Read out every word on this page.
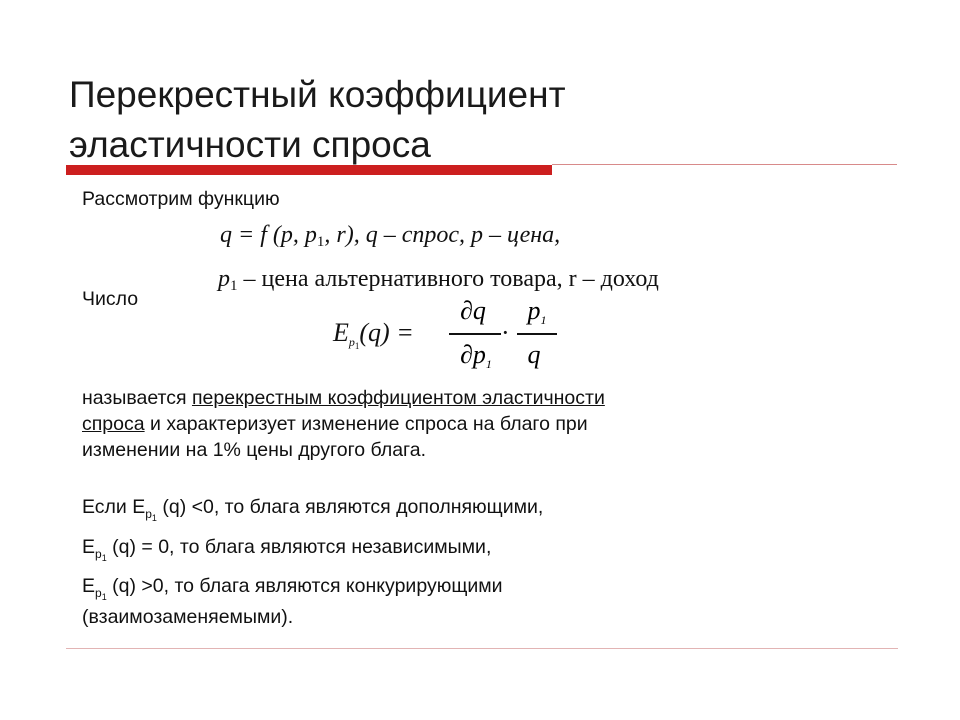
Перекрестный коэффициент
эластичности спроса
Рассмотрим функцию
q = f (p, $p_1$, r), q – спрос, p – цена,
$p_1$ – цена альтернативного товара, r – доход
Число
$Ep_1(q)$ =
∂q
∂p1
·
p1
q
называется перекрестным коэффициентом эластичности
спроса и характеризует изменение спроса на благо при
изменении на 1% цены другого блага.
Если $E_{p_1}$ (q) <0, то блага являются дополняющими,
$E_{p_1}$ (q) = 0, то блага являются независимыми,
$E_{p_1}$ (q) >0, то блага являются конкурирующими
(взаимозаменяемыми).
